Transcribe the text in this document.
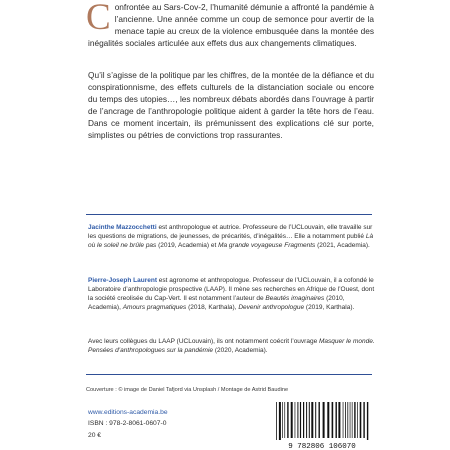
Confrontée au Sars-Cov-2, l’humanité démunie a affronté la pandémie à l’ancienne. Une année comme un coup de semonce pour avertir de la menace tapie au creux de la violence embusquée dans la montée des inégalités sociales articulée aux effets dus aux changements climatiques.

Qu’il s’agisse de la politique par les chiffres, de la montée de la défiance et du conspirationnisme, des effets culturels de la distanciation sociale ou encore du temps des utopies…, les nombreux débats abordés dans l’ouvrage à partir de l’ancrage de l’anthropologie politique aident à garder la tête hors de l’eau. Dans ce moment incertain, ils prémunissent des explications clé sur porte, simplistes ou pétries de convictions trop rassurantes.

Jacinthe Mazzocchetti est anthropologue et autrice. Professeure de l’UCLouvain, elle travaille sur les questions de migrations, de jeunesses, de précarités, d’inégalités… Elle a notamment publié Là où le soleil ne brûle pas (2019, Academia) et Ma grande voyageuse Fragments (2021, Academia).

Pierre-Joseph Laurent est agronome et anthropologue. Professeur de l’UCLouvain, il a cofondé le Laboratoire d’anthropologie prospective (LAAP). Il mène ses recherches en Afrique de l’Ouest, dont la société creolisée du Cap-Vert. Il est notamment l’auteur de Beautés imaginaires (2010, Academia), Amours pragmatiques (2018, Karthala), Devenir anthropologue (2019, Karthala).

Avec leurs collègues du LAAP (UCLouvain), ils ont notamment coécrit l’ouvrage Masquer le monde. Pensées d’anthropologues sur la pandémie (2020, Academia).

Couverture : © image de Daniel Tafjord via Unsplash / Montage de Astrid Baudine

www.editions-academia.be
ISBN : 978-2-8061-0607-0
20 €
9 782806 106070
